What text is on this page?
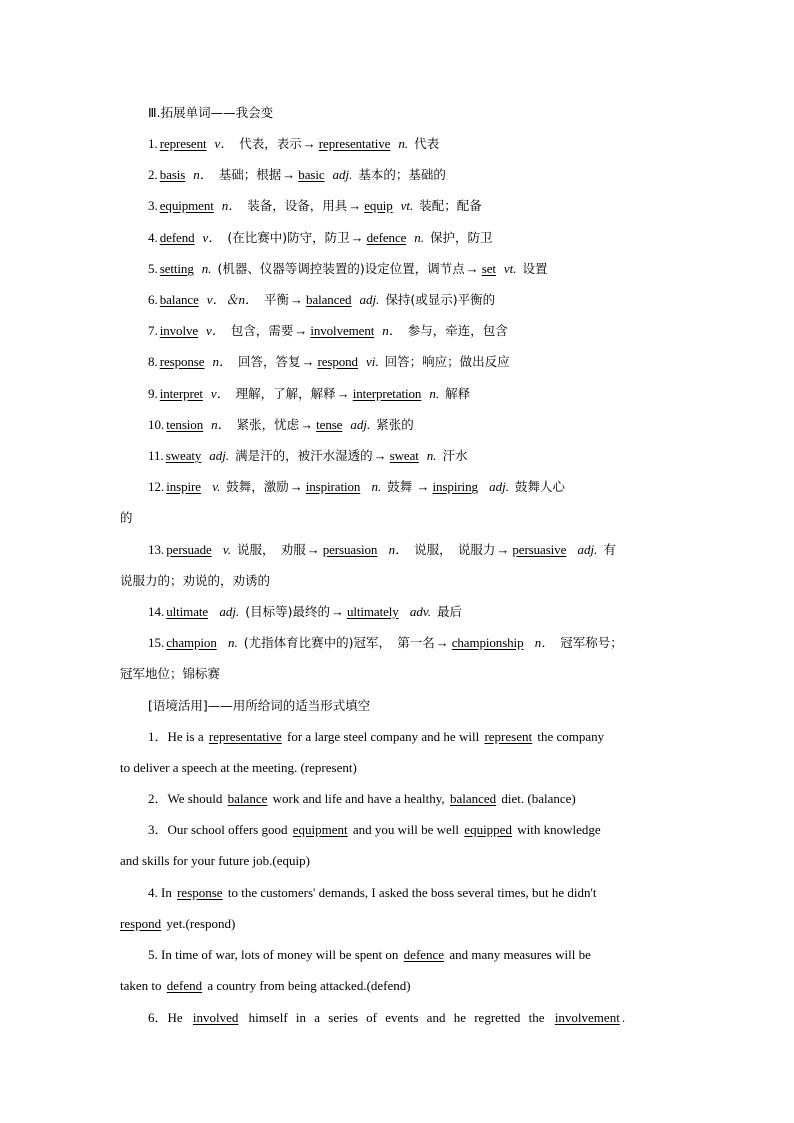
Ⅲ.拓展单词——我会变
1. represent v． 代表，表示→ representative n. 代表
2. basis n． 基础；根据→ basic adj. 基本的；基础的
3. equipment n． 装备，设备，用具→ equip vt. 装配；配备
4. defend v． (在比赛中)防守，防卫→ defence n. 保护，防卫
5. setting n. (机器、仪器等调控装置的)设定位置，调节点→ set vt. 设置
6. balance v．＆n． 平衡→ balanced adj. 保持(或显示)平衡的
7. involve v． 包含，需要→ involvement n． 参与，牵连，包含
8. response n． 回答，答复→ respond vi. 回答；响应；做出反应
9. interpret v． 理解，了解，解释→ interpretation n. 解释
10. tension n． 紧张，忧虑→ tense adj. 紧张的
11. sweaty adj. 满是汗的，被汗水湿透的→ sweat n. 汗水
12. inspire v. 鼓舞，激励→ inspiration n. 鼓舞 → inspiring adj. 鼓舞人心
的
13. persuade v. 说服，　劝服→ persuasion n． 说服，　说服力→ persuasive adj. 有
说服力的；劝说的，劝诱的
14. ultimate adj. (目标等)最终的→ ultimately adv. 最后
15. champion n. (尤指体育比赛中的)冠军，　第一名→ championship n． 冠军称号；
冠军地位；锦标赛
[语境活用]——用所给词的适当形式填空
1．He is a representative for a large steel company and he will represent the company
to deliver a speech at the meeting. (represent)
2．We should balance work and life and have a healthy, balanced diet. (balance)
3．Our school offers good equipment and you will be well equipped with knowledge
and skills for your future job.(equip)
4. In response to the customers' demands, I asked the boss several times, but he didn't
respond yet.(respond)
5. In time of war, lots of money will be spent on defence and many measures will be
taken to defend a country from being attacked.(defend)
6．He involved himself in a series of events and he regretted the involvement .
